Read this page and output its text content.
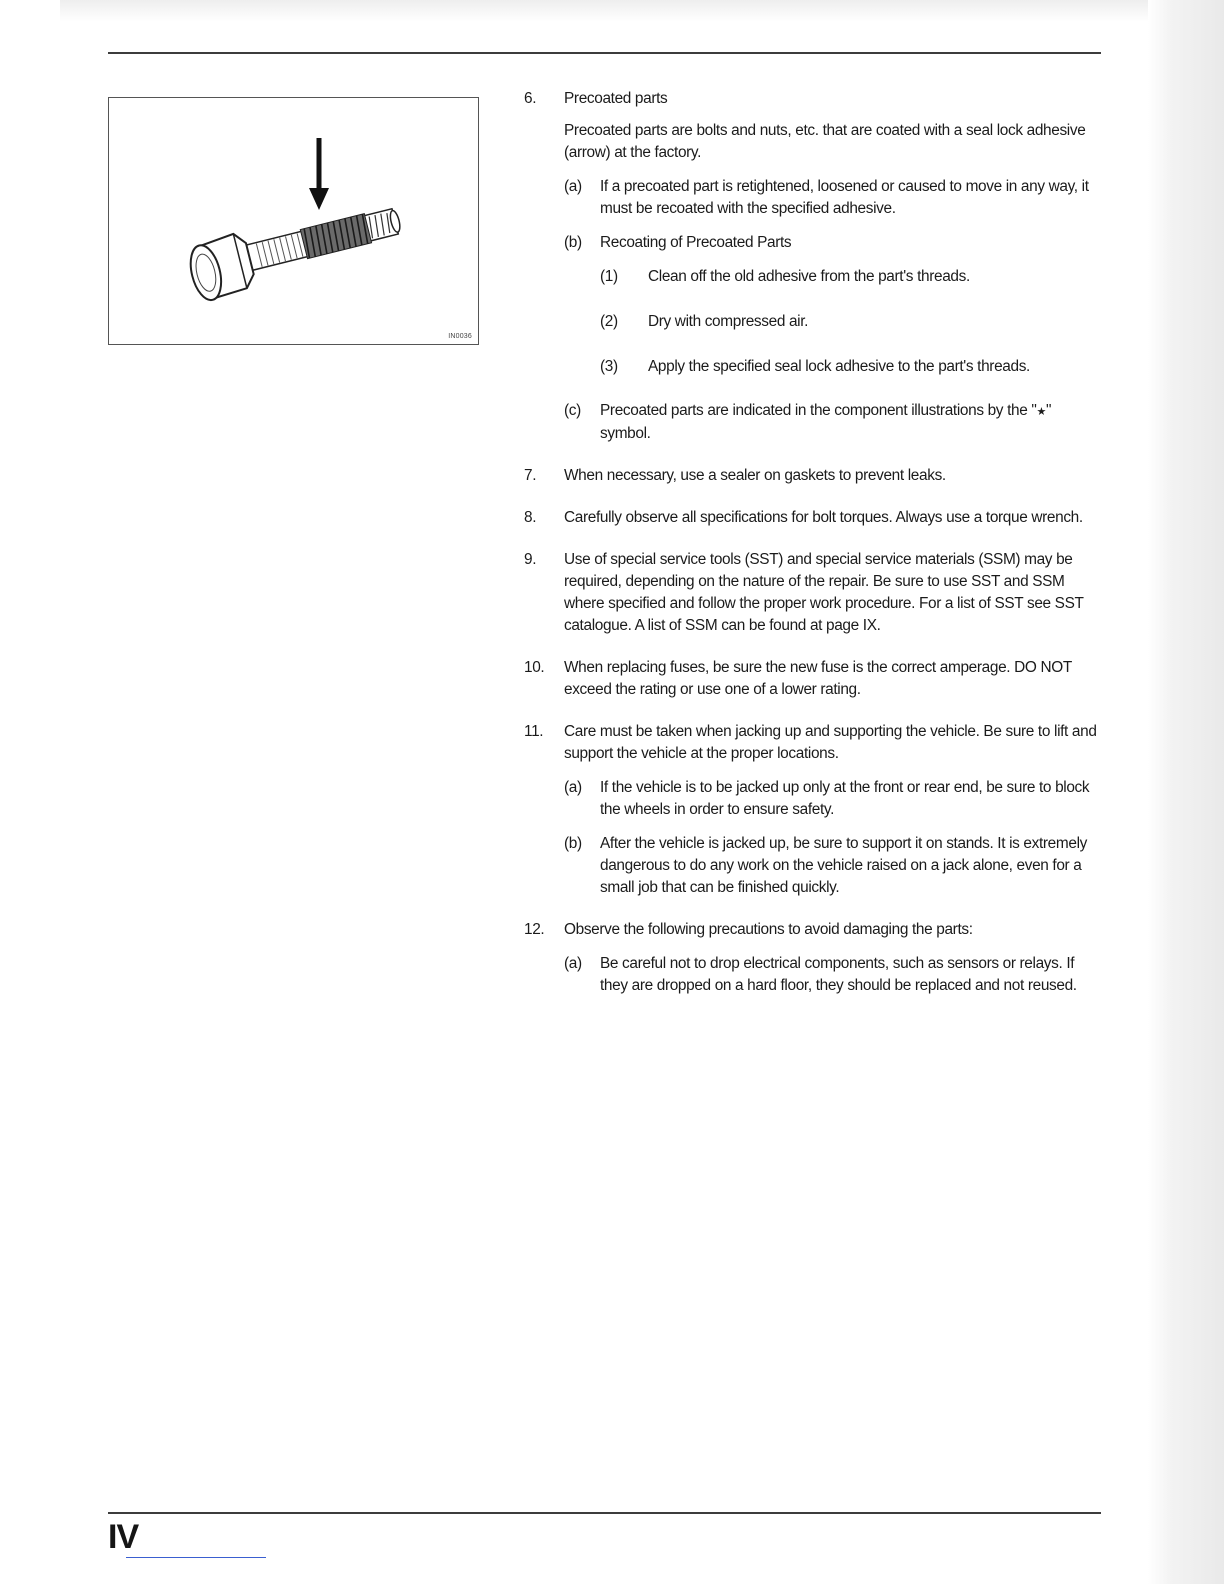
IN0036
6. Precoated parts

Precoated parts are bolts and nuts, etc. that are coated with a seal lock adhesive (arrow) at the factory.

(a) If a precoated part is retightened, loosened or caused to move in any way, it must be recoated with the specified adhesive.
(b) Recoating of Precoated Parts
(1) Clean off the old adhesive from the part's threads.
(2) Dry with compressed air.
(3) Apply the specified seal lock adhesive to the part's threads.
(c) Precoated parts are indicated in the component illustrations by the "★" symbol.
7. When necessary, use a sealer on gaskets to prevent leaks.
8. Carefully observe all specifications for bolt torques. Always use a torque wrench.
9. Use of special service tools (SST) and special service materials (SSM) may be required, depending on the nature of the repair. Be sure to use SST and SSM where specified and follow the proper work procedure. For a list of SST see SST catalogue. A list of SSM can be found at page IX.
10. When replacing fuses, be sure the new fuse is the correct amperage. DO NOT exceed the rating or use one of a lower rating.
11. Care must be taken when jacking up and supporting the vehicle. Be sure to lift and support the vehicle at the proper locations.
(a) If the vehicle is to be jacked up only at the front or rear end, be sure to block the wheels in order to ensure safety.
(b) After the vehicle is jacked up, be sure to support it on stands. It is extremely dangerous to do any work on the vehicle raised on a jack alone, even for a small job that can be finished quickly.
12. Observe the following precautions to avoid damaging the parts:
(a) Be careful not to drop electrical components, such as sensors or relays. If they are dropped on a hard floor, they should be replaced and not reused.
IV
